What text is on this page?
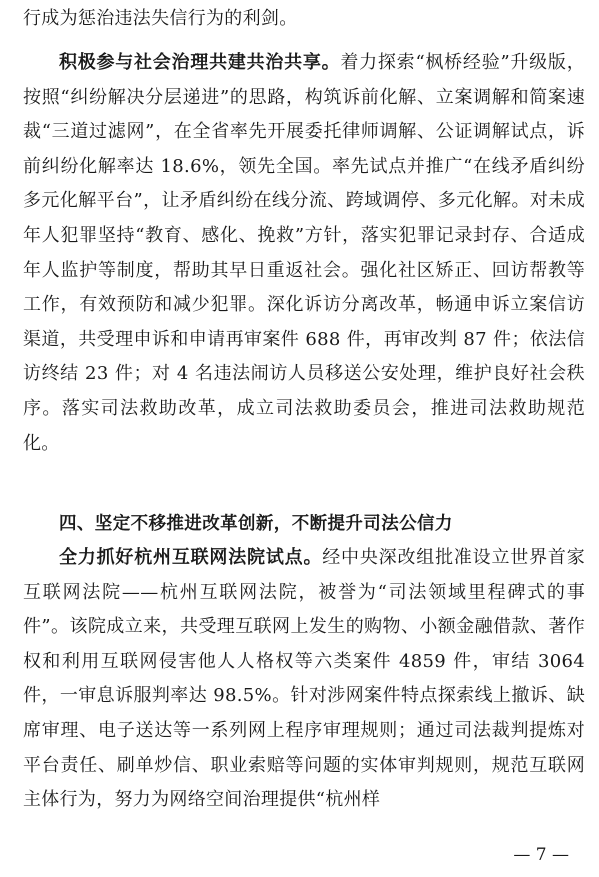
行成为惩治违法失信行为的利剑。

积极参与社会治理共建共治共享。着力探索“枫桥经验”升级版，按照“纠纷解决分层递进”的思路，构筑诉前化解、立案调解和简案速裁“三道过滤网”，在全省率先开展委托律师调解、公证调解试点，诉前纠纷化解率达 18.6%，领先全国。率先试点并推广“在线矛盾纠纷多元化解平台”，让矛盾纠纷在线分流、跨域调停、多元化解。对未成年人犯罪坚持“教育、感化、挽救”方针，落实犯罪记录封存、合适成年人监护等制度，帮助其早日重返社会。强化社区矫正、回访帮教等工作，有效预防和减少犯罪。深化诉访分离改革，畅通申诉立案信访渠道，共受理申诉和申请再审案件 688 件，再审改判 87 件；依法信访终结 23 件；对 4 名违法闹访人员移送公安处理，维护良好社会秩序。落实司法救助改革，成立司法救助委员会，推进司法救助规范化。

四、坚定不移推进改革创新，不断提升司法公信力

全力抓好杭州互联网法院试点。经中央深改组批准设立世界首家互联网法院——杭州互联网法院，被誉为“司法领域里程碑式的事件”。该院成立来，共受理互联网上发生的购物、小额金融借款、著作权和利用互联网侵害他人人格权等六类案件 4859 件，审结 3064 件，一审息诉服判率达 98.5%。针对涉网案件特点探索线上撤诉、缺席审理、电子送达等一系列网上程序审理规则；通过司法裁判提炼对平台责任、刷单炒信、职业索赔等问题的实体审判规则，规范互联网主体行为，努力为网络空间治理提供“杭州样

— 7 —
